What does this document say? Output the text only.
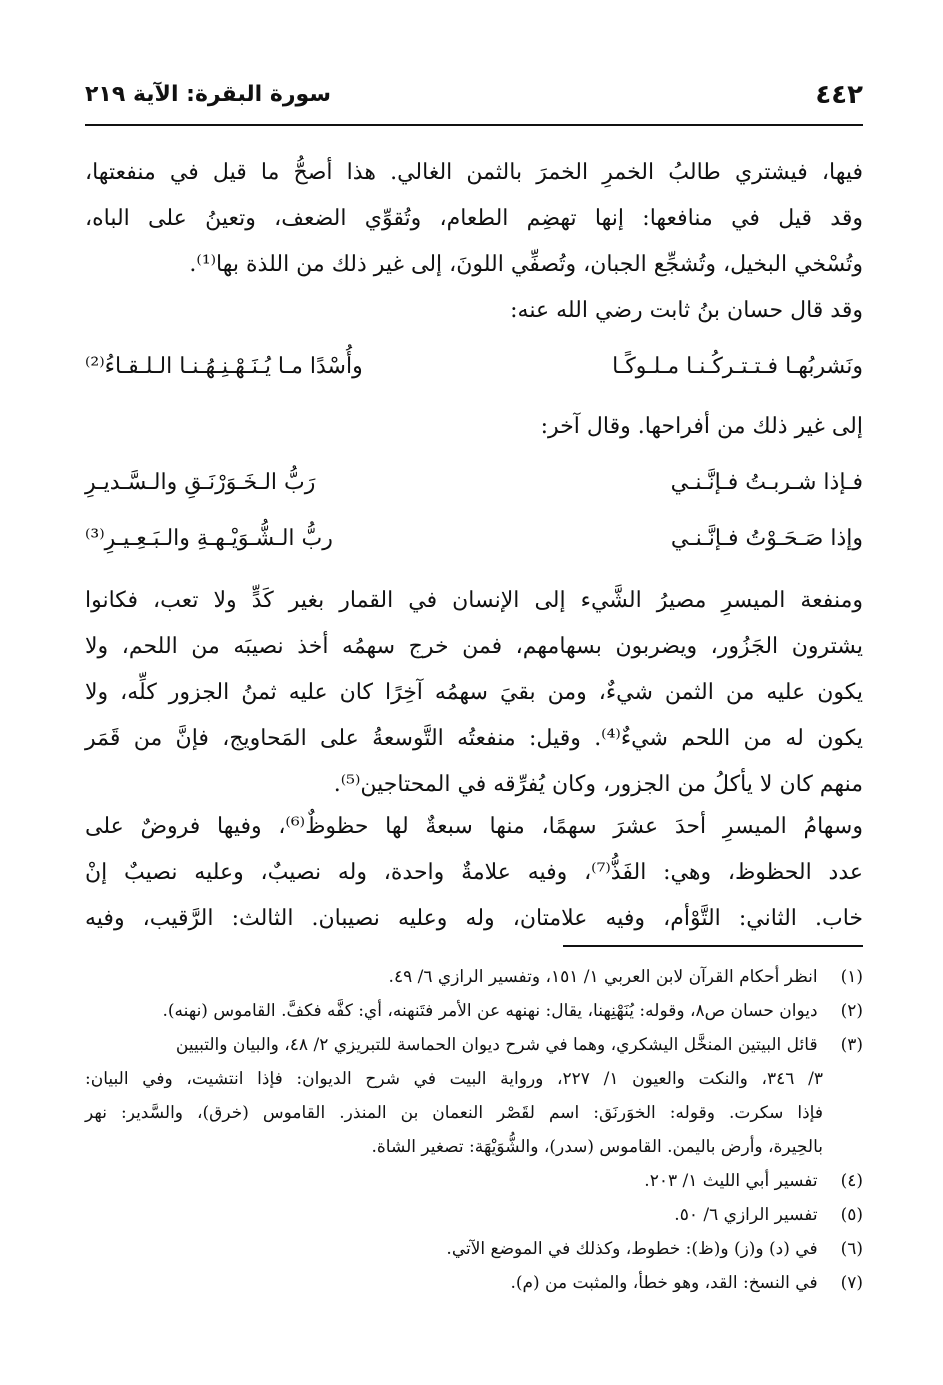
٤٤٢
سورة البقرة: الآية ٢١٩
فيها، فيشتري طالبُ الخمرِ الخمرَ بالثمن الغالي. هذا أصحُّ ما قيل في منفعتها،
وقد قيل في منافعها: إنها تهضِم الطعام، وتُقوِّي الضعف، وتعينُ على الباه،
وتُسْخي البخيل، وتُشجِّع الجبان، وتُصفِّي اللونَ، إلى غير ذلك من اللذة بها⁽¹⁾.
وقد قال حسان بنُ ثابت رضي الله عنه:
ونَشربُهـا فـتـتـركُـنـا مـلـوكًـا
وأُسْدًا مـا يُـنَـهْـنِـهُـنـا الـلـقـاءُ⁽²⁾
إلى غير ذلك من أفراحها. وقال آخر:
فـإذا شـربـتُ فـإنَّـنـي
رَبُّ الـخَـوَرْنَـقِ والـسَّـديـرِ
وإذا صَـحَـوْتُ فـإنَّـنـي
ربُّ الـشُّـوَيْـهـةِ والـبَـعِـيـرِ⁽³⁾
ومنفعة الميسرِ مصيرُ الشَّيء إلى الإنسان في القمار بغير كَدٍّ ولا تعب، فكانوا
يشترون الجَزُور، ويضربون بسهامهم، فمن خرج سهمُه أخذ نصيبَه من اللحم، ولا
يكون عليه من الثمن شيءٌ، ومن بقيَ سهمُه آخِرًا كان عليه ثمنُ الجزور كلِّه، ولا
يكون له من اللحم شيءٌ⁽⁴⁾. وقيل: منفعتُه التَّوسعةُ على المَحاويج، فإنَّ من قَمَر
منهم كان لا يأكلُ من الجزور، وكان يُفرِّقه في المحتاجين⁽⁵⁾.
وسهامُ الميسرِ أحدَ عشرَ سهمًا، منها سبعةٌ لها حظوظٌ⁽⁶⁾، وفيها فروضٌ على
عدد الحظوظ، وهي: الفَذُّ⁽⁷⁾، وفيه علامةٌ واحدة، وله نصيبٌ، وعليه نصيبٌ إنْ
خاب. الثاني: التَّوْأم، وفيه علامتان، وله وعليه نصيبان. الثالث: الرَّقيب، وفيه
(١) انظر أحكام القرآن لابن العربي ١/ ١٥١، وتفسير الرازي ٦/ ٤٩.
(٢) ديوان حسان ص٨، وقوله: يُنَهْنِهنا، يقال: نهنهه عن الأمر فتَنهنه، أي: كفَّه فكفَّ. القاموس (نهنه).
(٣) قائل البيتين المنخَّل اليشكري، وهما في شرح ديوان الحماسة للتبريزي ٢/ ٤٨، والبيان والتبيين
٣/ ٣٤٦، والنكت والعيون ١/ ٢٢٧، ورواية البيت في شرح الديوان: فإذا انتشيت، وفي البيان:
فإذا سكرت. وقوله: الخوَرنَق: اسم لقَصْر النعمان بن المنذر. القاموس (خرق)، والسَّدير: نهر
بالحِيرة، وأرض باليمن. القاموس (سدر)، والشُّوَيْهَة: تصغير الشاة.
(٤) تفسير أبي الليث ١/ ٢٠٣.
(٥) تفسير الرازي ٦/ ٥٠.
(٦) في (د) و(ز) و(ظ): خطوط، وكذلك في الموضع الآتي.
(٧) في النسخ: القد، وهو خطأ، والمثبت من (م).
